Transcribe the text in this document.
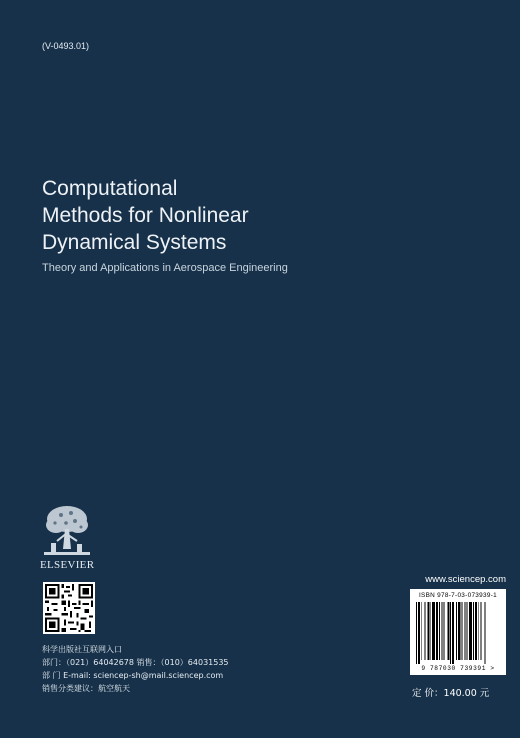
(V-0493.01)
Computational
Methods for Nonlinear
Dynamical Systems
Theory and Applications in Aerospace Engineering
ELSEVIER
科学出版社互联网入口
部门：（021）64042678 销售：（010）64031535
部 门 E-mail: sciencep-sh@mail.sciencep.com
销售分类建议：航空航天
www.sciencep.com
ISBN 978-7-03-073939-1
9 787030 739391 >
定 价：140.00 元
